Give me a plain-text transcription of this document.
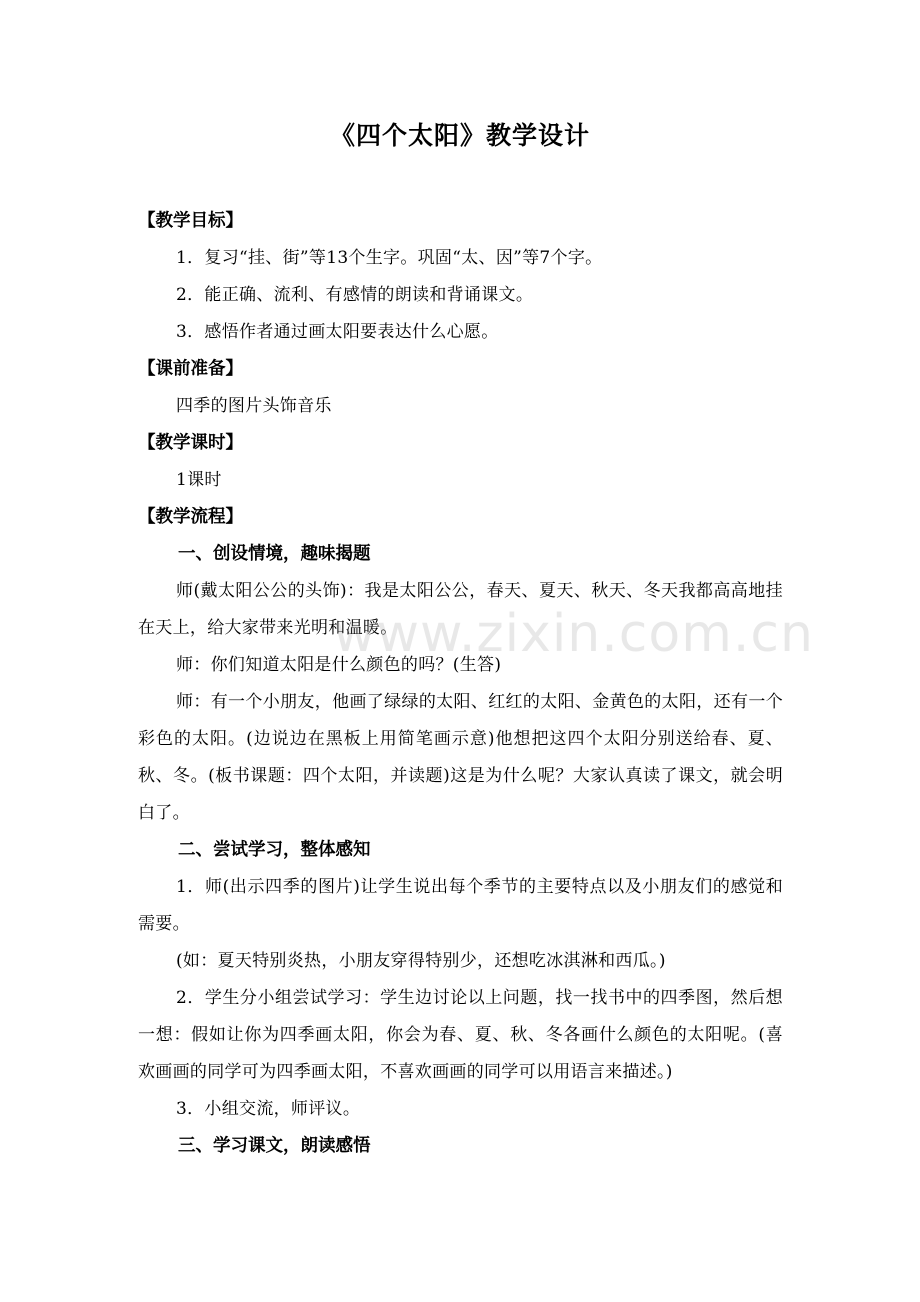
《四个太阳》教学设计
【教学目标】
1．复习“挂、街”等13个生字。巩固“太、因”等7个字。
2．能正确、流利、有感情的朗读和背诵课文。
3．感悟作者通过画太阳要表达什么心愿。
【课前准备】
四季的图片头饰音乐
【教学课时】
1课时
【教学流程】
一、创设情境，趣味揭题
师(戴太阳公公的头饰)：我是太阳公公，春天、夏天、秋天、冬天我都高高地挂在天上，给大家带来光明和温暖。
师：你们知道太阳是什么颜色的吗？(生答)
师：有一个小朋友，他画了绿绿的太阳、红红的太阳、金黄色的太阳，还有一个彩色的太阳。(边说边在黑板上用简笔画示意)他想把这四个太阳分别送给春、夏、秋、冬。(板书课题：四个太阳，并读题)这是为什么呢？大家认真读了课文，就会明白了。
二、尝试学习，整体感知
1．师(出示四季的图片)让学生说出每个季节的主要特点以及小朋友们的感觉和需要。
(如：夏天特别炎热，小朋友穿得特别少，还想吃冰淇淋和西瓜。)
2．学生分小组尝试学习：学生边讨论以上问题，找一找书中的四季图，然后想一想：假如让你为四季画太阳，你会为春、夏、秋、冬各画什么颜色的太阳呢。(喜欢画画的同学可为四季画太阳，不喜欢画画的同学可以用语言来描述。)
3．小组交流，师评议。
三、学习课文，朗读感悟
www.zixin.com.cn
